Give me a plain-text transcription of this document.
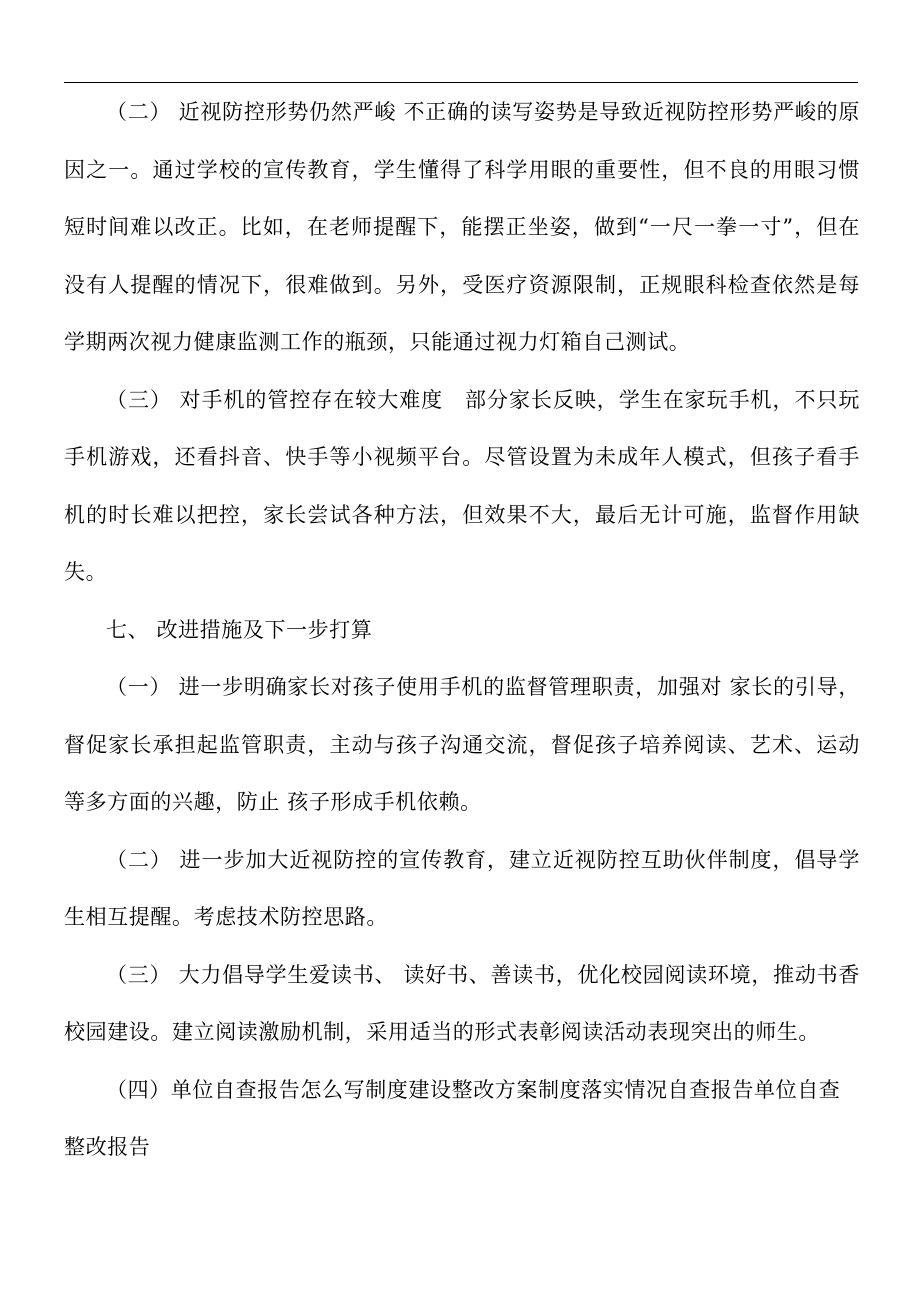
（二） 近视防控形势仍然严峻 不正确的读写姿势是导致近视防控形势严峻的原因之一。通过学校的宣传教育，学生懂得了科学用眼的重要性，但不良的用眼习惯短时间难以改正。比如，在老师提醒下，能摆正坐姿，做到“一尺一拳一寸”，但在没有人提醒的情况下，很难做到。另外，受医疗资源限制，正规眼科检查依然是每学期两次视力健康监测工作的瓶颈，只能通过视力灯箱自己测试。

（三） 对手机的管控存在较大难度　部分家长反映，学生在家玩手机，不只玩手机游戏，还看抖音、快手等小视频平台。尽管设置为未成年人模式，但孩子看手机的时长难以把控，家长尝试各种方法，但效果不大，最后无计可施，监督作用缺失。

七、 改进措施及下一步打算

（一） 进一步明确家长对孩子使用手机的监督管理职责，加强对 家长的引导，督促家长承担起监管职责，主动与孩子沟通交流，督促孩子培养阅读、艺术、运动等多方面的兴趣，防止 孩子形成手机依赖。

（二） 进一步加大近视防控的宣传教育，建立近视防控互助伙伴制度，倡导学生相互提醒。考虑技术防控思路。

（三） 大力倡导学生爱读书、 读好书、善读书，优化校园阅读环境，推动书香校园建设。建立阅读激励机制，采用适当的形式表彰阅读活动表现突出的师生。

（四）单位自查报告怎么写制度建设整改方案制度落实情况自查报告单位自查整改报告
